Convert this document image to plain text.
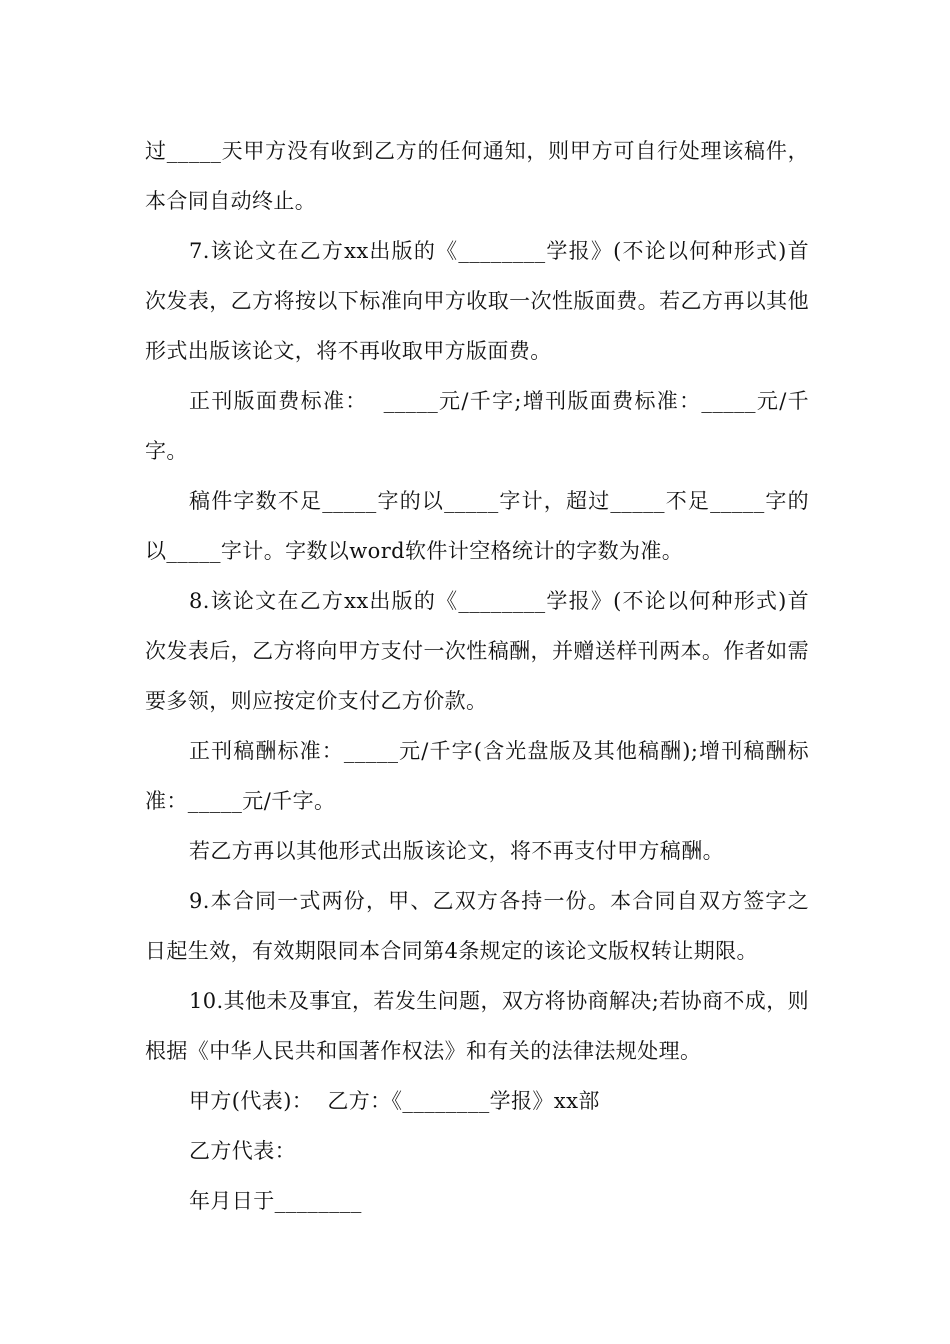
过_____天甲方没有收到乙方的任何通知，则甲方可自行处理该稿件，本合同自动终止。

7.该论文在乙方xx出版的《________学报》(不论以何种形式)首次发表，乙方将按以下标准向甲方收取一次性版面费。若乙方再以其他形式出版该论文，将不再收取甲方版面费。

正刊版面费标准：  _____元/千字;增刊版面费标准：_____元/千字。

稿件字数不足_____字的以_____字计，超过_____不足_____字的以_____字计。字数以word软件计空格统计的字数为准。

8.该论文在乙方xx出版的《________学报》(不论以何种形式)首次发表后，乙方将向甲方支付一次性稿酬，并赠送样刊两本。作者如需要多领，则应按定价支付乙方价款。

正刊稿酬标准：_____元/千字(含光盘版及其他稿酬);增刊稿酬标准：_____元/千字。

若乙方再以其他形式出版该论文，将不再支付甲方稿酬。

9.本合同一式两份，甲、乙双方各持一份。本合同自双方签字之日起生效，有效期限同本合同第4条规定的该论文版权转让期限。

10.其他未及事宜，若发生问题，双方将协商解决;若协商不成，则根据《中华人民共和国著作权法》和有关的法律法规处理。

甲方(代表)：  乙方：《________学报》xx部

乙方代表：

年月日于________
